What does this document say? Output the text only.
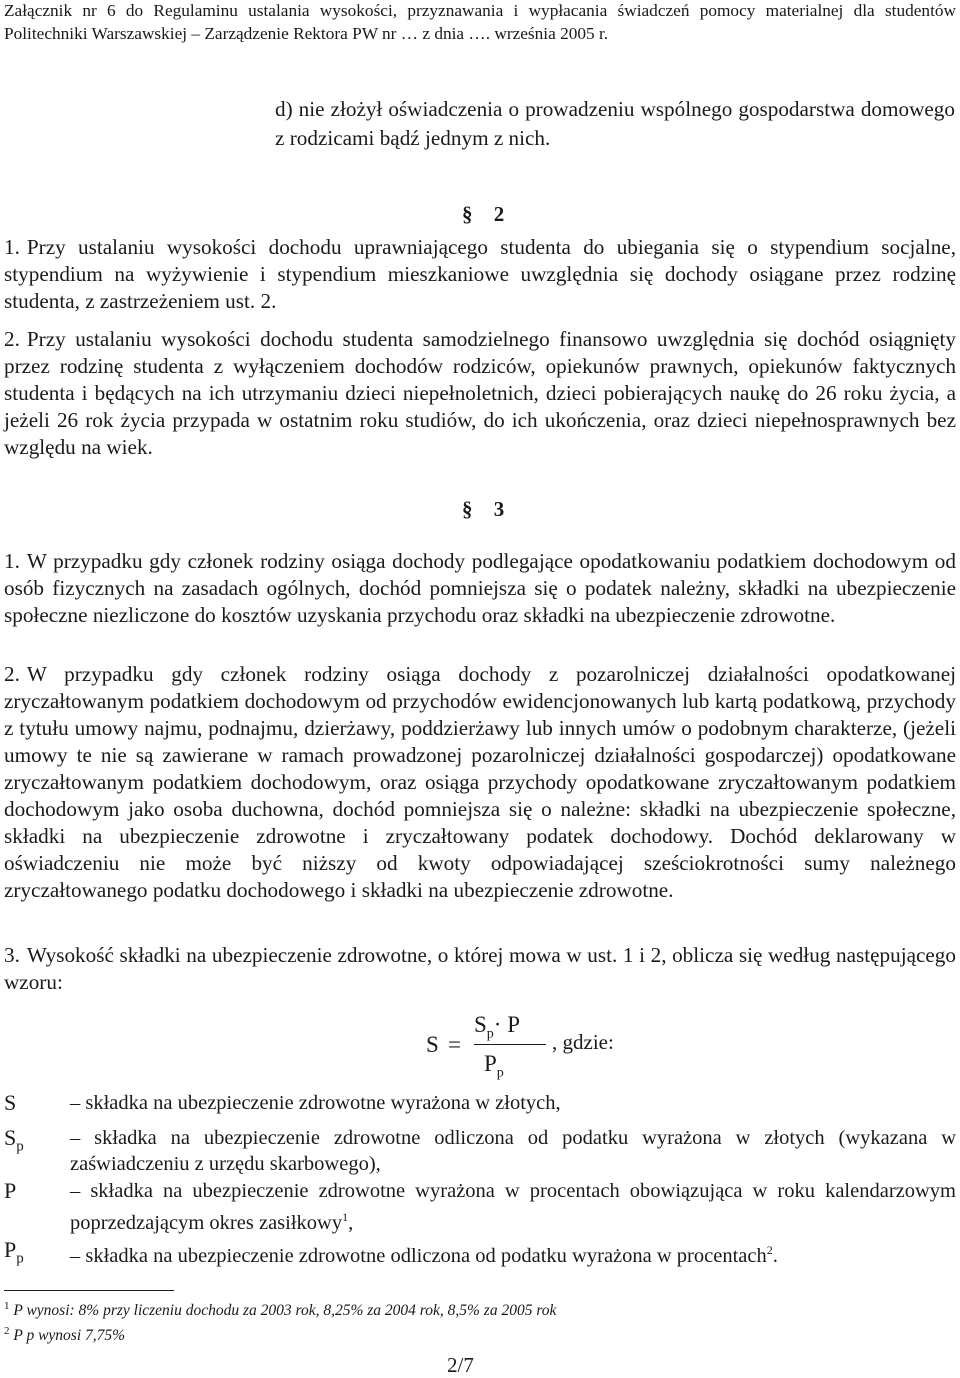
Załącznik nr 6 do Regulaminu ustalania wysokości, przyznawania i wypłacania świadczeń pomocy materialnej dla studentów Politechniki Warszawskiej – Zarządzenie Rektora PW nr … z dnia …. września 2005 r.
d) nie złożył oświadczenia o prowadzeniu wspólnego gospodarstwa domowego z rodzicami bądź jednym z nich.
§ 2
1. Przy ustalaniu wysokości dochodu uprawniającego studenta do ubiegania się o stypendium socjalne, stypendium na wyżywienie i stypendium mieszkaniowe uwzględnia się dochody osiągane przez rodzinę studenta, z zastrzeżeniem ust. 2.
2. Przy ustalaniu wysokości dochodu studenta samodzielnego finansowo uwzględnia się dochód osiągnięty przez rodzinę studenta z wyłączeniem dochodów rodziców, opiekunów prawnych, opiekunów faktycznych studenta i będących na ich utrzymaniu dzieci niepełnoletnich, dzieci pobierających naukę do 26 roku życia, a jeżeli 26 rok życia przypada w ostatnim roku studiów, do ich ukończenia, oraz dzieci niepełnosprawnych bez względu na wiek.
§ 3
1. W przypadku gdy członek rodziny osiąga dochody podlegające opodatkowaniu podatkiem dochodowym od osób fizycznych na zasadach ogólnych, dochód pomniejsza się o podatek należny, składki na ubezpieczenie społeczne niezliczone do kosztów uzyskania przychodu oraz składki na ubezpieczenie zdrowotne.
2. W przypadku gdy członek rodziny osiąga dochody z pozarolniczej działalności opodatkowanej zryczałtowanym podatkiem dochodowym od przychodów ewidencjonowanych lub kartą podatkową, przychody z tytułu umowy najmu, podnajmu, dzierżawy, poddzierżawy lub innych umów o podobnym charakterze, (jeżeli umowy te nie są zawierane w ramach prowadzonej pozarolniczej działalności gospodarczej) opodatkowane zryczałtowanym podatkiem dochodowym, oraz osiąga przychody opodatkowane zryczałtowanym podatkiem dochodowym jako osoba duchowna, dochód pomniejsza się o należne: składki na ubezpieczenie społeczne, składki na ubezpieczenie zdrowotne i zryczałtowany podatek dochodowy. Dochód deklarowany w oświadczeniu nie może być niższy od kwoty odpowiadającej sześciokrotności sumy należnego zryczałtowanego podatku dochodowego i składki na ubezpieczenie zdrowotne.
3. Wysokość składki na ubezpieczenie zdrowotne, o której mowa w ust. 1 i 2, oblicza się według następującego wzoru:
S =
$S_p\cdot P$
$P_p$
, gdzie:
S	– składka na ubezpieczenie zdrowotne wyrażona w złotych,
$S_p$	– składka na ubezpieczenie zdrowotne odliczona od podatku wyrażona w złotych (wykazana w zaświadczeniu z urzędu skarbowego),
P	– składka na ubezpieczenie zdrowotne wyrażona w procentach obowiązująca w roku kalendarzowym poprzedzającym okres zasiłkowy$^1$,
$P_p$	– składka na ubezpieczenie zdrowotne odliczona od podatku wyrażona w procentach$^2$.
$^1$ P wynosi: 8% przy liczeniu dochodu za 2003 rok, 8,25% za 2004 rok, 8,5% za 2005 rok
$^2$ P p wynosi 7,75%
2/7
